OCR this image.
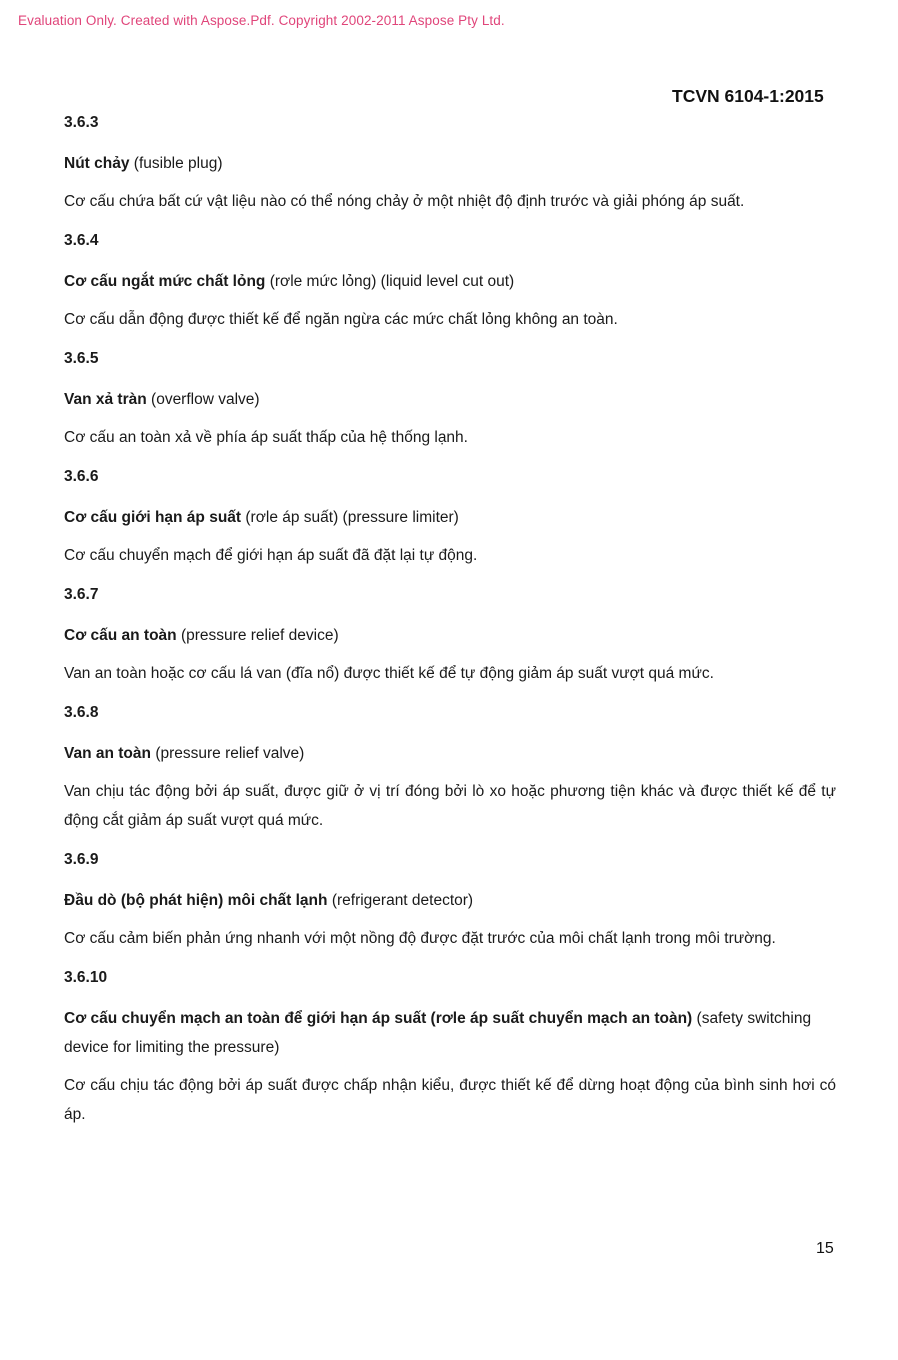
Evaluation Only. Created with Aspose.Pdf. Copyright 2002-2011 Aspose Pty Ltd.
TCVN 6104-1:2015
3.6.3
Nút chảy (fusible plug)
Cơ cấu chứa bất cứ vật liệu nào có thể nóng chảy ở một nhiệt độ định trước và giải phóng áp suất.
3.6.4
Cơ cấu ngắt mức chất lỏng (rơle mức lỏng) (liquid level cut out)
Cơ cấu dẫn động được thiết kế để ngăn ngừa các mức chất lỏng không an toàn.
3.6.5
Van xả tràn (overflow valve)
Cơ cấu an toàn xả về phía áp suất thấp của hệ thống lạnh.
3.6.6
Cơ cấu giới hạn áp suất (rơle áp suất) (pressure limiter)
Cơ cấu chuyển mạch để giới hạn áp suất đã đặt lại tự động.
3.6.7
Cơ cấu an toàn (pressure relief device)
Van an toàn hoặc cơ cấu lá van (đĩa nổ) được thiết kế để tự động giảm áp suất vượt quá mức.
3.6.8
Van an toàn (pressure relief valve)
Van chịu tác động bởi áp suất, được giữ ở vị trí đóng bởi lò xo hoặc phương tiện khác và được thiết kế để tự động cắt giảm áp suất vượt quá mức.
3.6.9
Đầu dò (bộ phát hiện) môi chất lạnh (refrigerant detector)
Cơ cấu cảm biến phản ứng nhanh với một nồng độ được đặt trước của môi chất lạnh trong môi trường.
3.6.10
Cơ cấu chuyển mạch an toàn để giới hạn áp suất (rơle áp suất chuyển mạch an toàn) (safety switching device for limiting the pressure)
Cơ cấu chịu tác động bởi áp suất được chấp nhận kiểu, được thiết kế để dừng hoạt động của bình sinh hơi có áp.
15
